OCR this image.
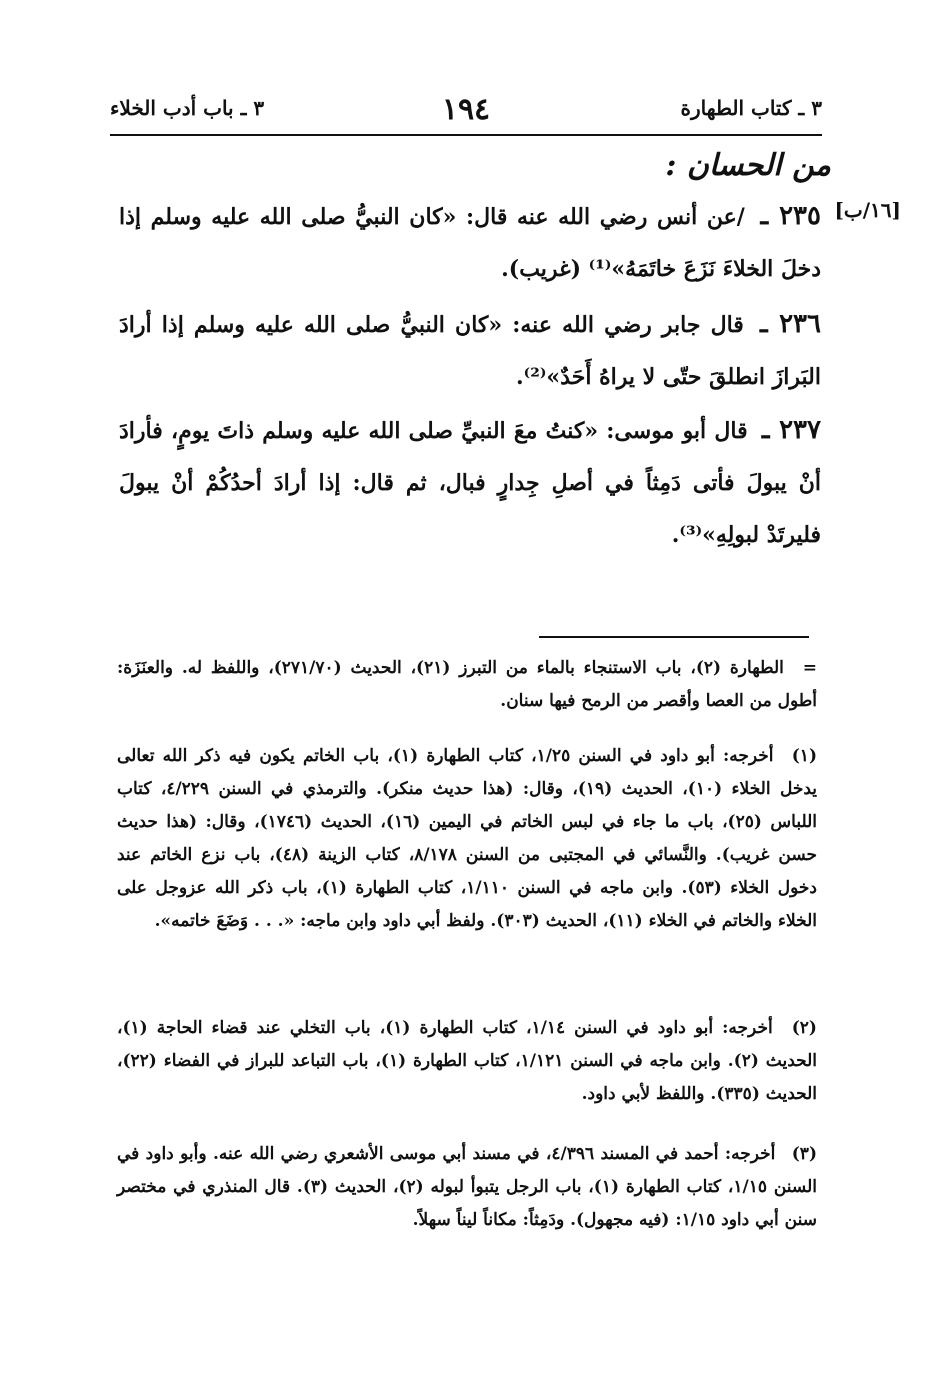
٣ ـ كتاب الطهارة
١٩٤
٣ ـ باب أدب الخلاء
من الحسان :
[١٦/ب]
٢٣٥ ـ /عن أنس رضي الله عنه قال: «كان النبيُّ صلى الله عليه وسلم إذا دخلَ الخلاءَ نَزَعَ خاتَمَهُ»⁽¹⁾ (غريب).
٢٣٦ ـ قال جابر رضي الله عنه: «كان النبيُّ صلى الله عليه وسلم إذا أرادَ البَرازَ انطلقَ حتّى لا يراهُ أَحَدٌ»⁽²⁾.
٢٣٧ ـ قال أبو موسى: «كنتُ معَ النبيِّ صلى الله عليه وسلم ذاتَ يومٍ، فأرادَ أنْ يبولَ فأتى دَمِثاً في أصلِ جِدارٍ فبال، ثم قال: إذا أرادَ أحدُكُمْ أنْ يبولَ فليرتَدْ لبولِهِ»⁽³⁾.
= الطهارة (٢)، باب الاستنجاء بالماء من التبرز (٢١)، الحديث (٢٧١/٧٠)، واللفظ له. والعنَزَة: أطول من العصا وأقصر من الرمح فيها سنان.
(١) أخرجه: أبو داود في السنن ١/٢٥، كتاب الطهارة (١)، باب الخاتم يكون فيه ذكر الله تعالى يدخل الخلاء (١٠)، الحديث (١٩)، وقال: (هذا حديث منكر). والترمذي في السنن ٤/٢٢٩، كتاب اللباس (٢٥)، باب ما جاء في لبس الخاتم في اليمين (١٦)، الحديث (١٧٤٦)، وقال: (هذا حديث حسن غريب). والنَّسائي في المجتبى من السنن ٨/١٧٨، كتاب الزينة (٤٨)، باب نزع الخاتم عند دخول الخلاء (٥٣). وابن ماجه في السنن ١/١١٠، كتاب الطهارة (١)، باب ذكر الله عزوجل على الخلاء والخاتم في الخلاء (١١)، الحديث (٣٠٣). ولفظ أبي داود وابن ماجه: «. . . وَضَعَ خاتمه».
(٢) أخرجه: أبو داود في السنن ١/١٤، كتاب الطهارة (١)، باب التخلي عند قضاء الحاجة (١)، الحديث (٢). وابن ماجه في السنن ١/١٢١، كتاب الطهارة (١)، باب التباعد للبراز في الفضاء (٢٢)، الحديث (٣٣٥). واللفظ لأبي داود.
(٣) أخرجه: أحمد في المسند ٤/٣٩٦، في مسند أبي موسى الأشعري رضي الله عنه. وأبو داود في السنن ١/١٥، كتاب الطهارة (١)، باب الرجل يتبوأ لبوله (٢)، الحديث (٣). قال المنذري في مختصر سنن أبي داود ١/١٥: (فيه مجهول). ودَمِثاً: مكاناً ليناً سهلاً.
